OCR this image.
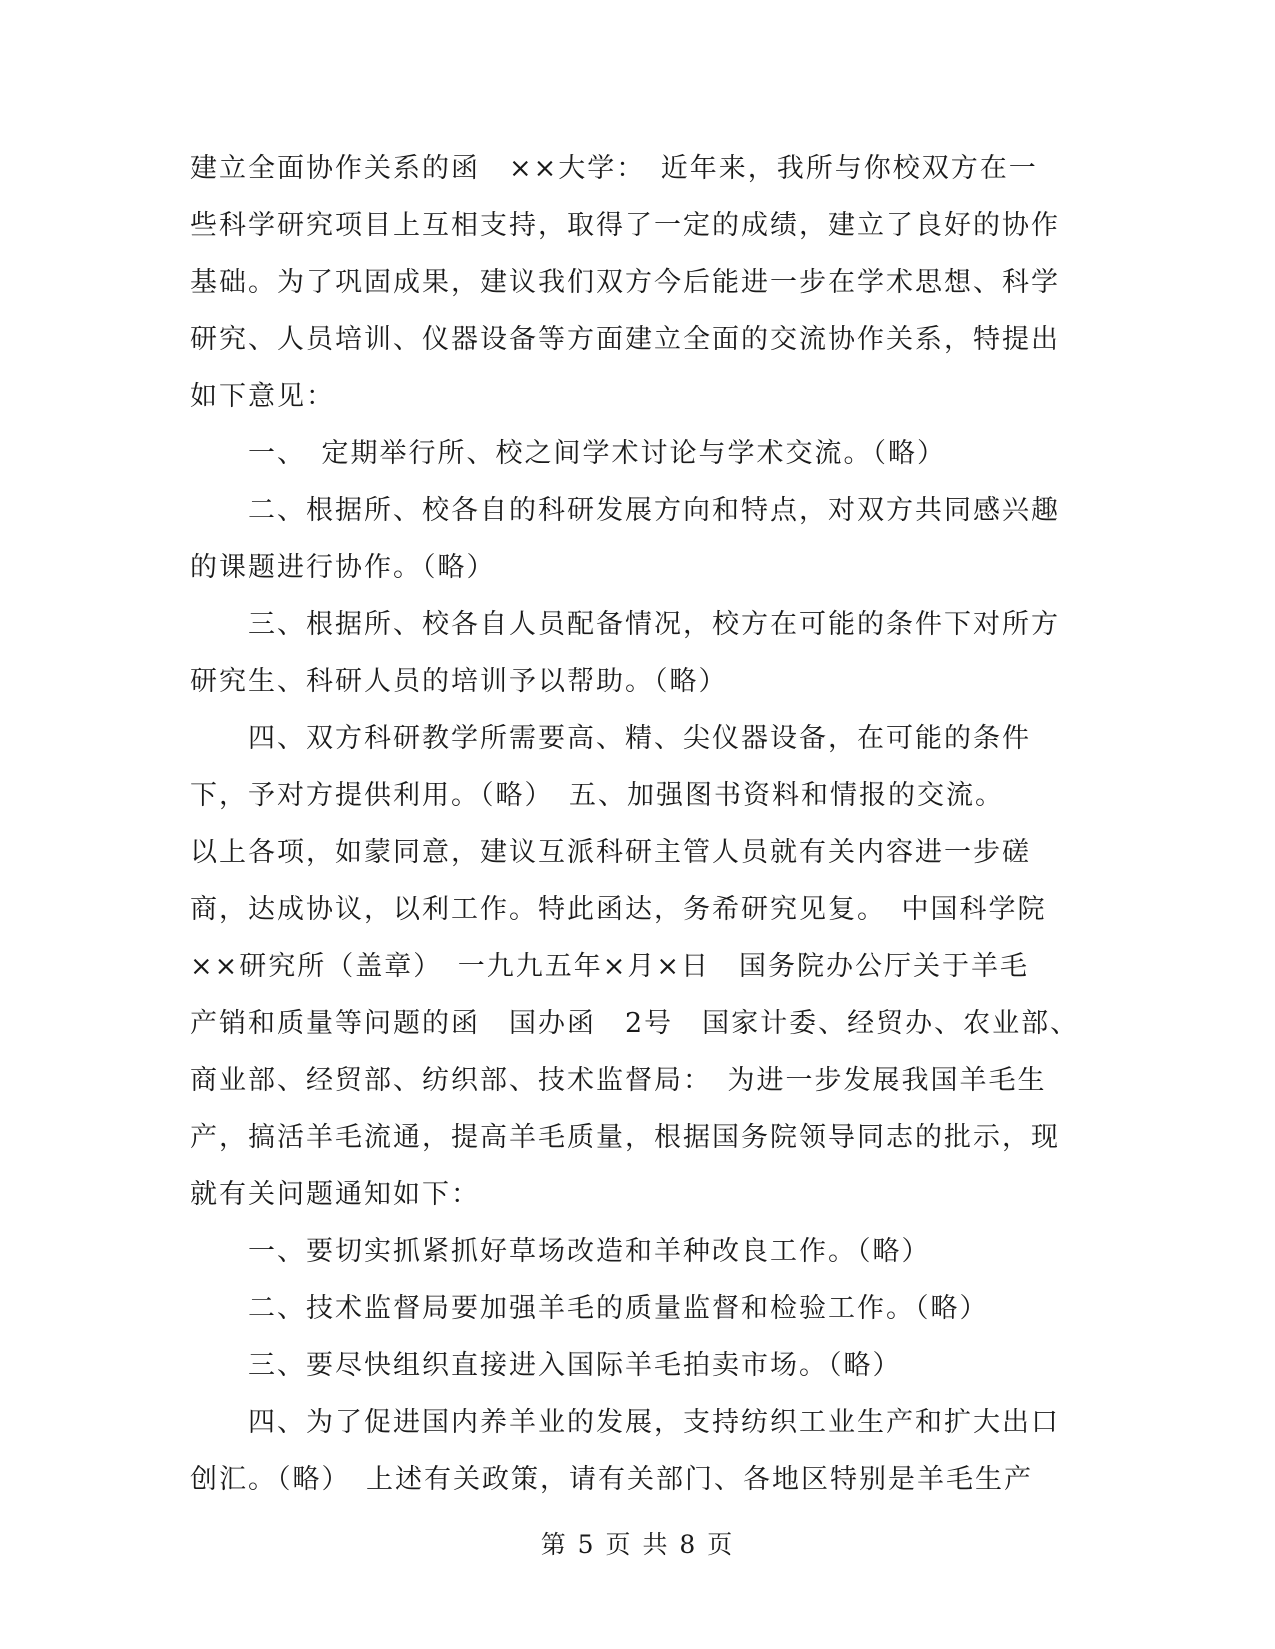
建立全面协作关系的函　××大学：　近年来，我所与你校双方在一
些科学研究项目上互相支持，取得了一定的成绩，建立了良好的协作
基础。为了巩固成果，建议我们双方今后能进一步在学术思想、科学
研究、人员培训、仪器设备等方面建立全面的交流协作关系，特提出
如下意见：
　　一、　定期举行所、校之间学术讨论与学术交流。（略）
　　二、根据所、校各自的科研发展方向和特点，对双方共同感兴趣
的课题进行协作。（略）
　　三、根据所、校各自人员配备情况，校方在可能的条件下对所方
研究生、科研人员的培训予以帮助。（略）
　　四、双方科研教学所需要高、精、尖仪器设备，在可能的条件
下，予对方提供利用。（略）　五、加强图书资料和情报的交流。
以上各项，如蒙同意，建议互派科研主管人员就有关内容进一步磋
商，达成协议，以利工作。特此函达，务希研究见复。　中国科学院
××研究所（盖章）　一九九五年×月×日　国务院办公厅关于羊毛
产销和质量等问题的函　国办函　2号　国家计委、经贸办、农业部、
商业部、经贸部、纺织部、技术监督局：　为进一步发展我国羊毛生
产，搞活羊毛流通，提高羊毛质量，根据国务院领导同志的批示，现
就有关问题通知如下：
　　一、要切实抓紧抓好草场改造和羊种改良工作。（略）
　　二、技术监督局要加强羊毛的质量监督和检验工作。（略）
　　三、要尽快组织直接进入国际羊毛拍卖市场。（略）
　　四、为了促进国内养羊业的发展，支持纺织工业生产和扩大出口
创汇。（略）　上述有关政策，请有关部门、各地区特别是羊毛生产
第 5 页 共 8 页
